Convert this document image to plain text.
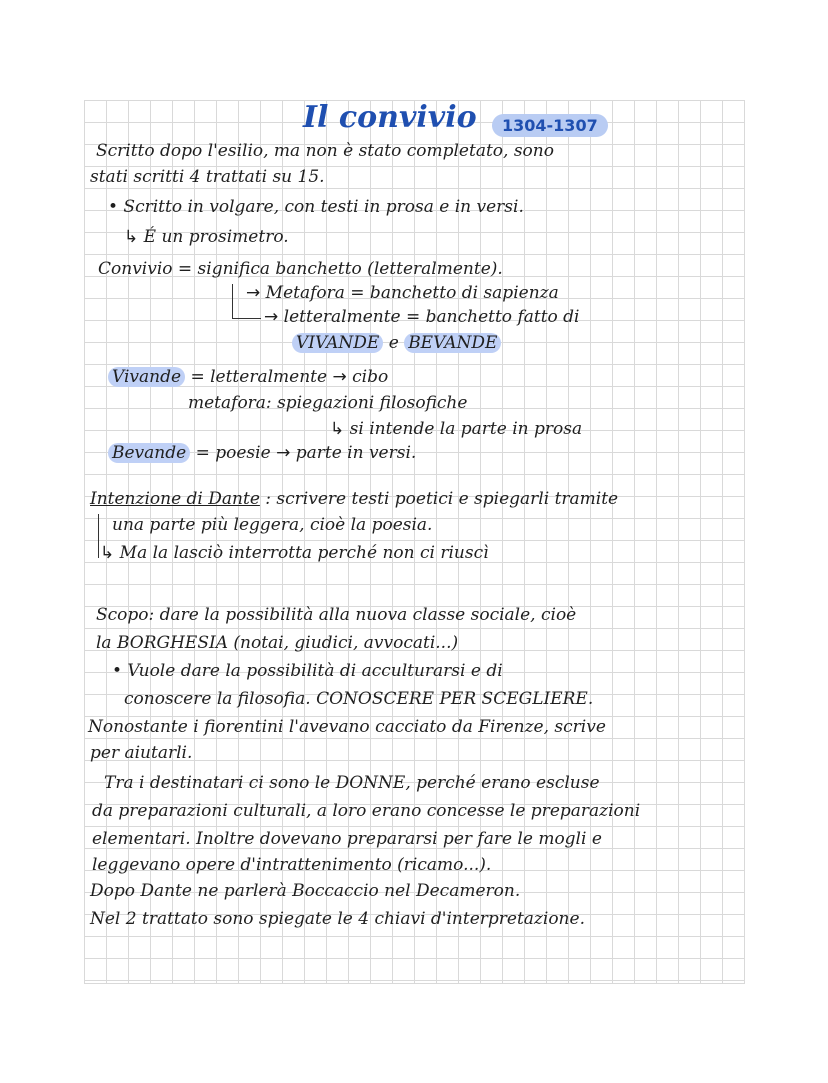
Il convivio	1304-1307
Scritto dopo l'esilio, ma non è stato completato, sono
stati scritti 4 trattati su 15.
• Scritto in volgare, con testi in prosa e in versi.
↳ É un prosimetro.
Convivio = significa banchetto (letteralmente).
→ Metafora = banchetto di sapienza
→ letteralmente = banchetto fatto di
VIVANDE e BEVANDE
Vivande = letteralmente → cibo
metafora: spiegazioni filosofiche
↳ si intende la parte in prosa
Bevande = poesie → parte in versi.
Intenzione di Dante : scrivere testi poetici e spiegarli tramite
una parte più leggera, cioè la poesia.
↳ Ma la lasciò interrotta perché non ci riuscì
Scopo: dare la possibilità alla nuova classe sociale, cioè
la BORGHESIA (notai, giudici, avvocati...)
• Vuole dare la possibilità di acculturarsi e di
conoscere la filosofia. CONOSCERE PER SCEGLIERE.
Nonostante i fiorentini l'avevano cacciato da Firenze, scrive
per aiutarli.
Tra i destinatari ci sono le DONNE, perché erano escluse
da preparazioni culturali, a loro erano concesse le preparazioni
elementari. Inoltre dovevano prepararsi per fare le mogli e
leggevano opere d'intrattenimento (ricamo...).
Dopo Dante ne parlerà Boccaccio nel Decameron.
Nel 2 trattato sono spiegate le 4 chiavi d'interpretazione.
